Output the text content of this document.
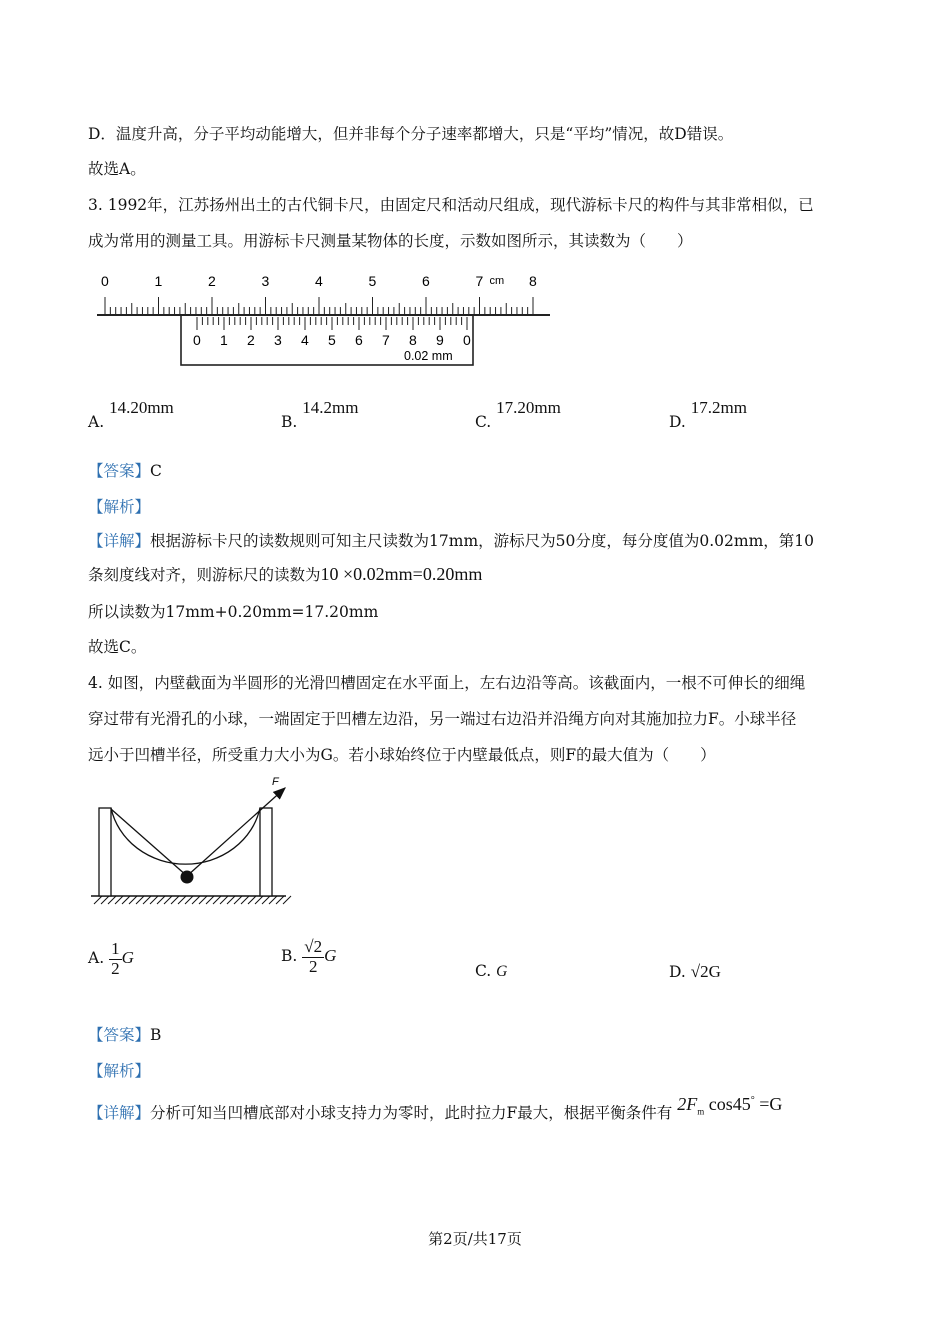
D．温度升高，分子平均动能增大，但并非每个分子速率都增大，只是“平均”情况，故D错误。
故选A。
3. 1992年，江苏扬州出土的古代铜卡尺，由固定尺和活动尺组成，现代游标卡尺的构件与其非常相似，已
成为常用的测量工具。用游标卡尺测量某物体的长度，示数如图所示，其读数为（　　）
0	1	2	3	4	5	6	7	8
cm
0 1 2 3 4 5 6 7 8 9 0
0.02 mm
A. 14.20mm
B. 14.2mm
C. 17.20mm
D. 17.2mm
【答案】C
【解析】
【详解】根据游标卡尺的读数规则可知主尺读数为17mm，游标尺为50分度，每分度值为0.02mm，第10
条刻度线对齐，则游标尺的读数为10 ×0.02mm=0.20mm
所以读数为17mm+0.20mm=17.20mm
故选C。
4. 如图，内壁截面为半圆形的光滑凹槽固定在水平面上，左右边沿等高。该截面内，一根不可伸长的细绳
穿过带有光滑孔的小球，一端固定于凹槽左边沿，另一端过右边沿并沿绳方向对其施加拉力F。小球半径
远小于凹槽半径，所受重力大小为G。若小球始终位于内壁最低点，则F的最大值为（　　）
F
A. $\frac{1}{2}$ G	B. $\frac{√2}{2}$ G
C. G	D. √2G
【答案】B
【解析】
【详解】分析可知当凹槽底部对小球支持力为零时，此时拉力F最大，根据平衡条件有 $2F_m$ cos45° =G
第2页/共17页
